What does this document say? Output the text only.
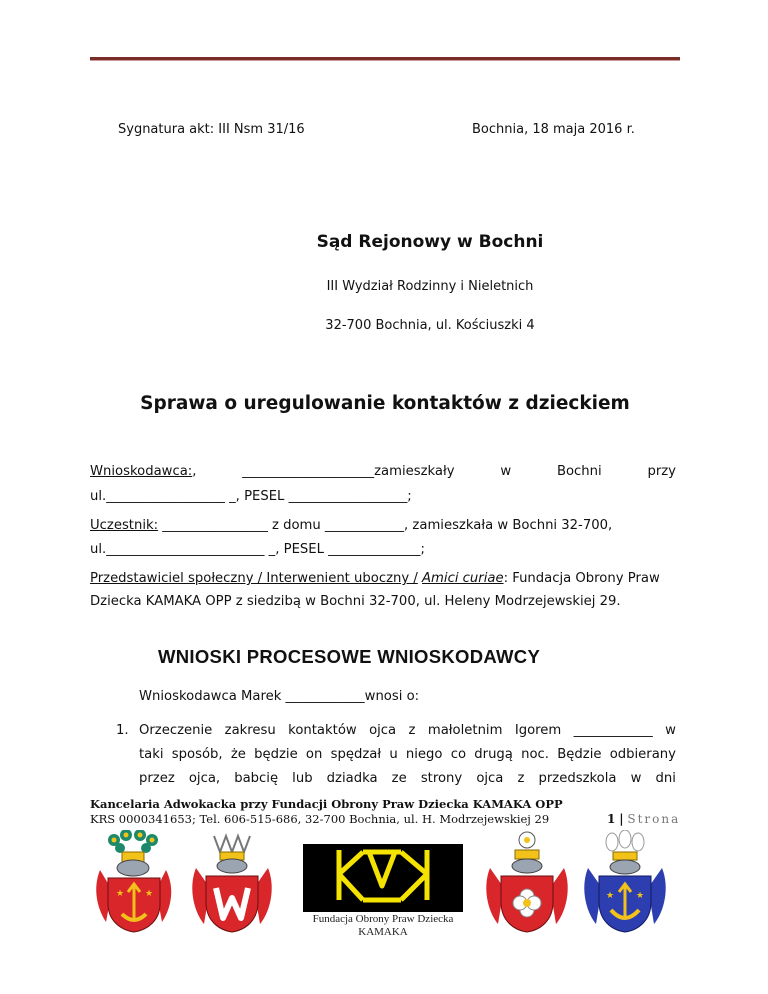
Sygnatura akt: III Nsm 31/16	Bochnia, 18 maja 2016 r.
Sąd Rejonowy w Bochni
III Wydział Rodzinny i Nieletnich
32-700 Bochnia, ul. Kościuszki 4
Sprawa o uregulowanie kontaktów z dzieckiem
Wnioskodawca:,	____________________zamieszkały	w	Bochni	przy
ul.__________________ _, PESEL __________________;
Uczestnik: ________________ z domu ____________, zamieszkała w Bochni 32-700,
ul.________________________ _, PESEL ______________;
Przedstawiciel społeczny / Interwenient uboczny / Amici curiae: Fundacja Obrony Praw
Dziecka KAMAKA OPP z siedzibą w Bochni 32-700, ul. Heleny Modrzejewskiej 29.
WNIOSKI PROCESOWE WNIOSKODAWCY
Wnioskodawca Marek ____________wnosi o:
1. Orzeczenie zakresu kontaktów ojca z małoletnim Igorem ____________ w
taki sposób, że będzie on spędzał u niego co drugą noc. Będzie odbierany
przez ojca, babcię lub dziadka ze strony ojca z przedszkola w dni
Kancelaria Adwokacka przy Fundacji Obrony Praw Dziecka KAMAKA OPP
KRS 0000341653; Tel. 606-515-686, 32-700 Bochnia, ul. H. Modrzejewskiej 29	1 | Strona
★ ★
Fundacja Obrony Praw Dziecka
KAMAKA
★ ★
